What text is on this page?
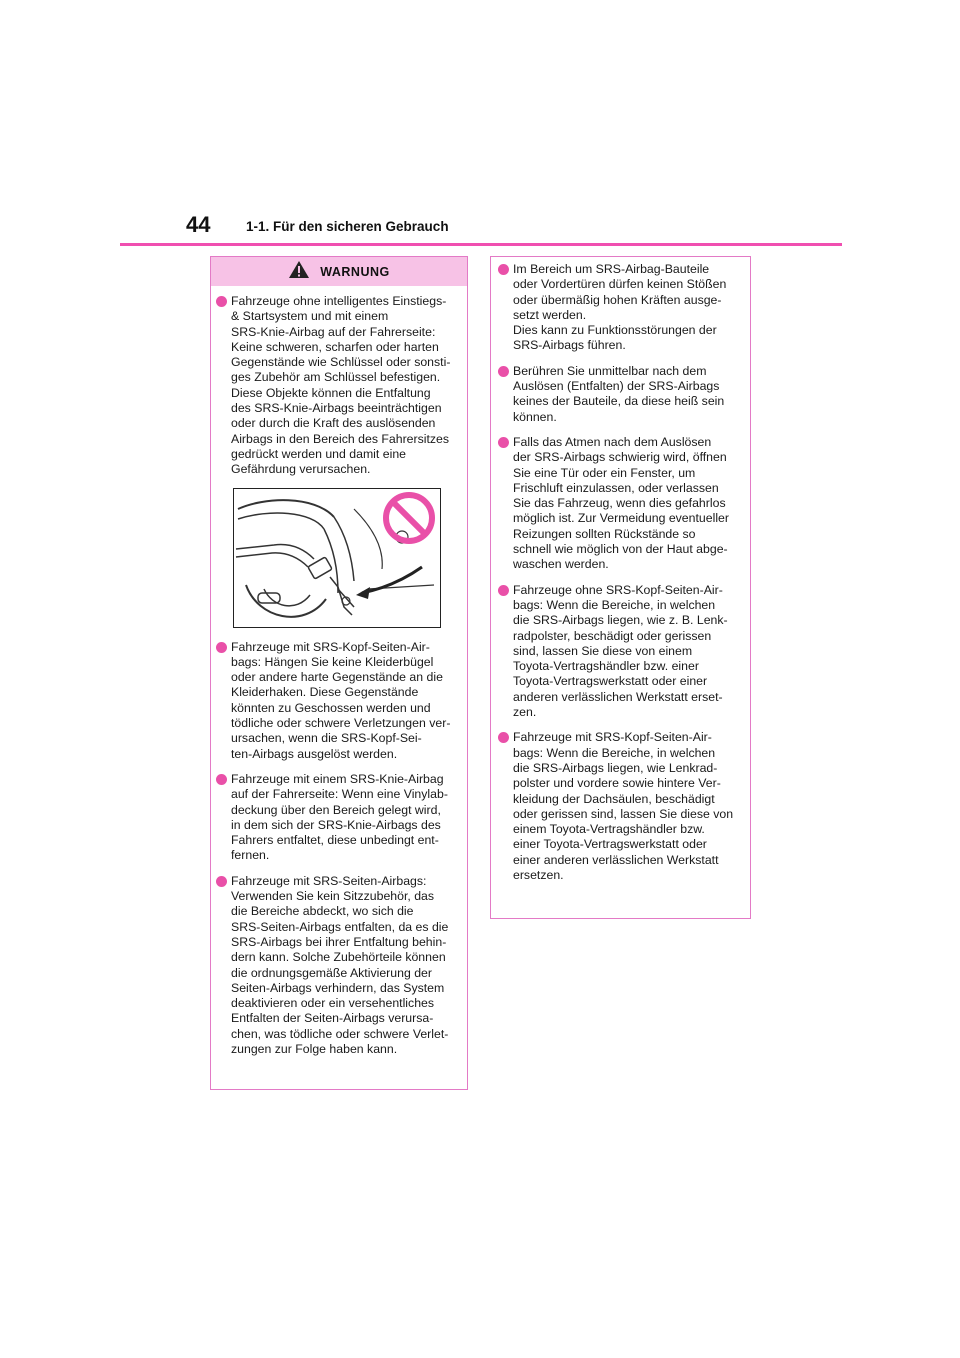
44	1-1. Für den sicheren Gebrauch
WARNUNG
Fahrzeuge ohne intelligentes Einstiegs-
& Startsystem und mit einem
SRS-Knie-Airbag auf der Fahrerseite:
Keine schweren, scharfen oder harten
Gegenstände wie Schlüssel oder sonsti-
ges Zubehör am Schlüssel befestigen.
Diese Objekte können die Entfaltung
des SRS-Knie-Airbags beeinträchtigen
oder durch die Kraft des auslösenden
Airbags in den Bereich des Fahrersitzes
gedrückt werden und damit eine
Gefährdung verursachen.
Fahrzeuge mit SRS-Kopf-Seiten-Air-
bags: Hängen Sie keine Kleiderbügel
oder andere harte Gegenstände an die
Kleiderhaken. Diese Gegenstände
könnten zu Geschossen werden und
tödliche oder schwere Verletzungen ver-
ursachen, wenn die SRS-Kopf-Sei-
ten-Airbags ausgelöst werden.
Fahrzeuge mit einem SRS-Knie-Airbag
auf der Fahrerseite: Wenn eine Vinylab-
deckung über den Bereich gelegt wird,
in dem sich der SRS-Knie-Airbags des
Fahrers entfaltet, diese unbedingt ent-
fernen.
Fahrzeuge mit SRS-Seiten-Airbags:
Verwenden Sie kein Sitzzubehör, das
die Bereiche abdeckt, wo sich die
SRS-Seiten-Airbags entfalten, da es die
SRS-Airbags bei ihrer Entfaltung behin-
dern kann. Solche Zubehörteile können
die ordnungsgemäße Aktivierung der
Seiten-Airbags verhindern, das System
deaktivieren oder ein versehentliches
Entfalten der Seiten-Airbags verursa-
chen, was tödliche oder schwere Verlet-
zungen zur Folge haben kann.
Im Bereich um SRS-Airbag-Bauteile
oder Vordertüren dürfen keinen Stößen
oder übermäßig hohen Kräften ausge-
setzt werden.
Dies kann zu Funktionsstörungen der
SRS-Airbags führen.
Berühren Sie unmittelbar nach dem
Auslösen (Entfalten) der SRS-Airbags
keines der Bauteile, da diese heiß sein
können.
Falls das Atmen nach dem Auslösen
der SRS-Airbags schwierig wird, öffnen
Sie eine Tür oder ein Fenster, um
Frischluft einzulassen, oder verlassen
Sie das Fahrzeug, wenn dies gefahrlos
möglich ist. Zur Vermeidung eventueller
Reizungen sollten Rückstände so
schnell wie möglich von der Haut abge-
waschen werden.
Fahrzeuge ohne SRS-Kopf-Seiten-Air-
bags: Wenn die Bereiche, in welchen
die SRS-Airbags liegen, wie z. B. Lenk-
radpolster, beschädigt oder gerissen
sind, lassen Sie diese von einem
Toyota-Vertragshändler bzw. einer
Toyota-Vertragswerkstatt oder einer
anderen verlässlichen Werkstatt erset-
zen.
Fahrzeuge mit SRS-Kopf-Seiten-Air-
bags: Wenn die Bereiche, in welchen
die SRS-Airbags liegen, wie Lenkrad-
polster und vordere sowie hintere Ver-
kleidung der Dachsäulen, beschädigt
oder gerissen sind, lassen Sie diese von
einem Toyota-Vertragshändler bzw.
einer Toyota-Vertragswerkstatt oder
einer anderen verlässlichen Werkstatt
ersetzen.
